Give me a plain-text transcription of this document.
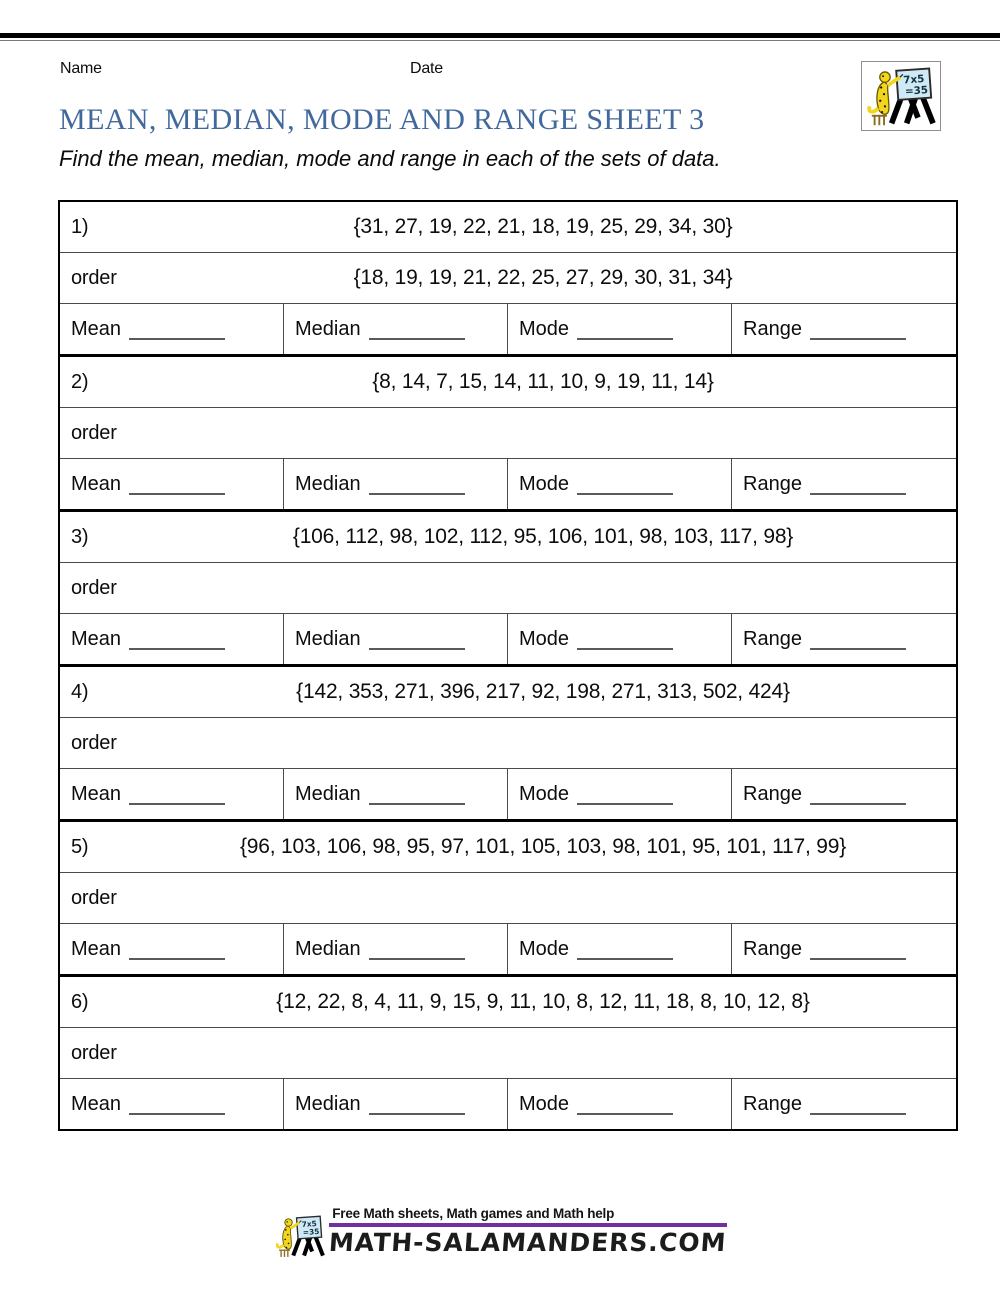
Name	Date
7x5
=35
MEAN, MEDIAN, MODE AND RANGE SHEET 3
Find the mean, median, mode and range in each of the sets of data.
1)	{31, 27, 19, 22, 21, 18, 19, 25, 29, 34, 30}
order	{18, 19, 19, 21, 22, 25, 27, 29, 30, 31, 34}
Mean	Median	Mode	Range
2)	{8, 14, 7, 15, 14, 11, 10, 9, 19, 11, 14}
order
Mean	Median	Mode	Range
3)	{106, 112, 98, 102, 112, 95, 106, 101, 98, 103, 117, 98}
order
Mean	Median	Mode	Range
4)	{142, 353, 271, 396, 217, 92, 198, 271, 313, 502, 424}
order
Mean	Median	Mode	Range
5)	{96, 103, 106, 98, 95, 97, 101, 105, 103, 98, 101, 95, 101, 117, 99}
order
Mean	Median	Mode	Range
6)	{12, 22, 8, 4, 11, 9, 15, 9, 11, 10, 8, 12, 11, 18, 8, 10, 12, 8}
order
Mean	Median	Mode	Range
7x5
=35
Free Math sheets, Math games and Math help
MATH-SALAMANDERS.COM
